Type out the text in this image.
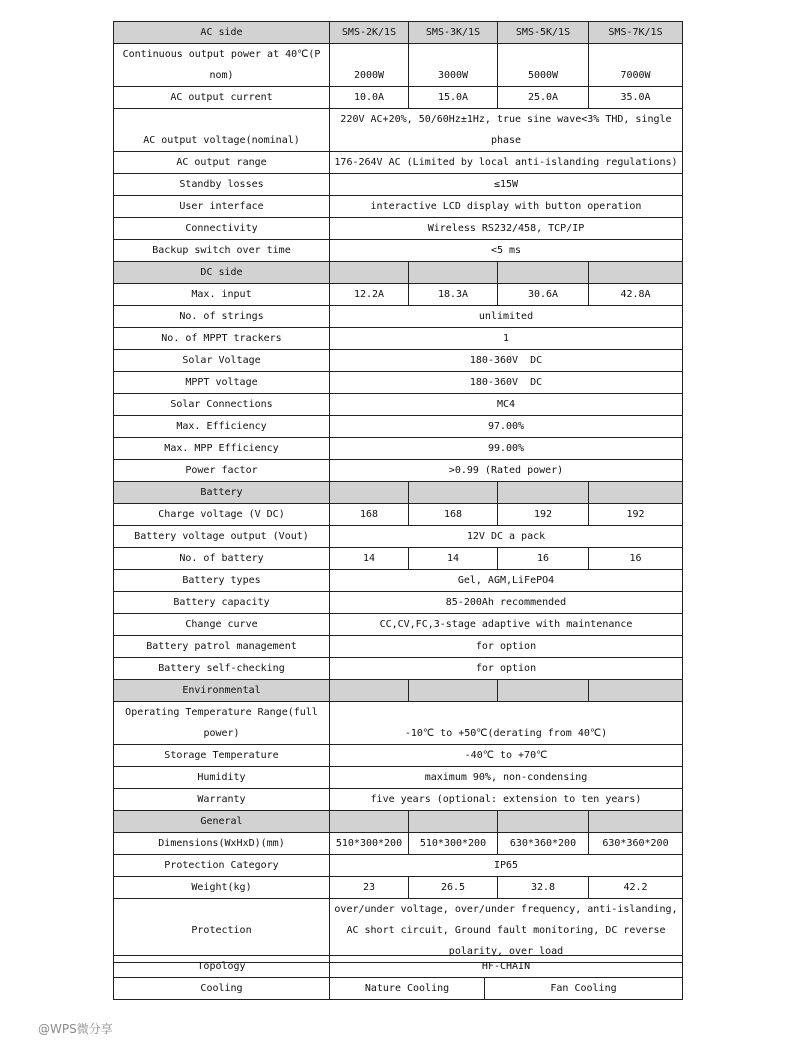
AC side	SMS-2K/1S	SMS-3K/1S	SMS-5K/1S	SMS-7K/1S
Continuous output power at 40℃(P nom)	2000W	3000W	5000W	7000W
AC output current	10.0A	15.0A	25.0A	35.0A
AC output voltage(nominal)	220V AC+20%, 50/60Hz±1Hz, true sine wave<3% THD, single phase			
AC output range	176-264V AC (Limited by local anti-islanding regulations)			
Standby losses	≤15W			
User interface	interactive LCD display with button operation			
Connectivity	Wireless RS232/458, TCP/IP			
Backup switch over time	<5 ms			
DC side				
Max. input	12.2A	18.3A	30.6A	42.8A
No. of strings	unlimited			
No. of MPPT trackers	1			
Solar Voltage	180-360V  DC			
MPPT voltage	180-360V  DC			
Solar Connections	MC4			
Max. Efficiency	97.00%			
Max. MPP Efficiency	99.00%			
Power factor	>0.99 (Rated power)			
Battery				
Charge voltage (V DC)	168	168	192	192
Battery voltage output (Vout)	12V DC a pack			
No. of battery	14	14	16	16
Battery types	Gel, AGM,LiFePO4			
Battery capacity	85-200Ah recommended			
Change curve	CC,CV,FC,3-stage adaptive with maintenance			
Battery patrol management	for option			
Battery self-checking	for option			
Environmental				
Operating Temperature Range(full power)	-10℃ to +50℃(derating from 40℃)			
Storage Temperature	-40℃ to +70℃			
Humidity	maximum 90%, non-condensing			
Warranty	five years (optional: extension to ten years)			
General				
Dimensions(WxHxD)(mm)	510*300*200	510*300*200	630*360*200	630*360*200
Protection Category	IP65			
Weight(kg)	23	26.5	32.8	42.2
Protection	over/under voltage, over/under frequency, anti-islanding, AC short circuit, Ground fault monitoring, DC reverse polarity, over load			
Topology	HF-CHAIN	
Cooling	Nature Cooling	Fan Cooling
@WPS微分享
